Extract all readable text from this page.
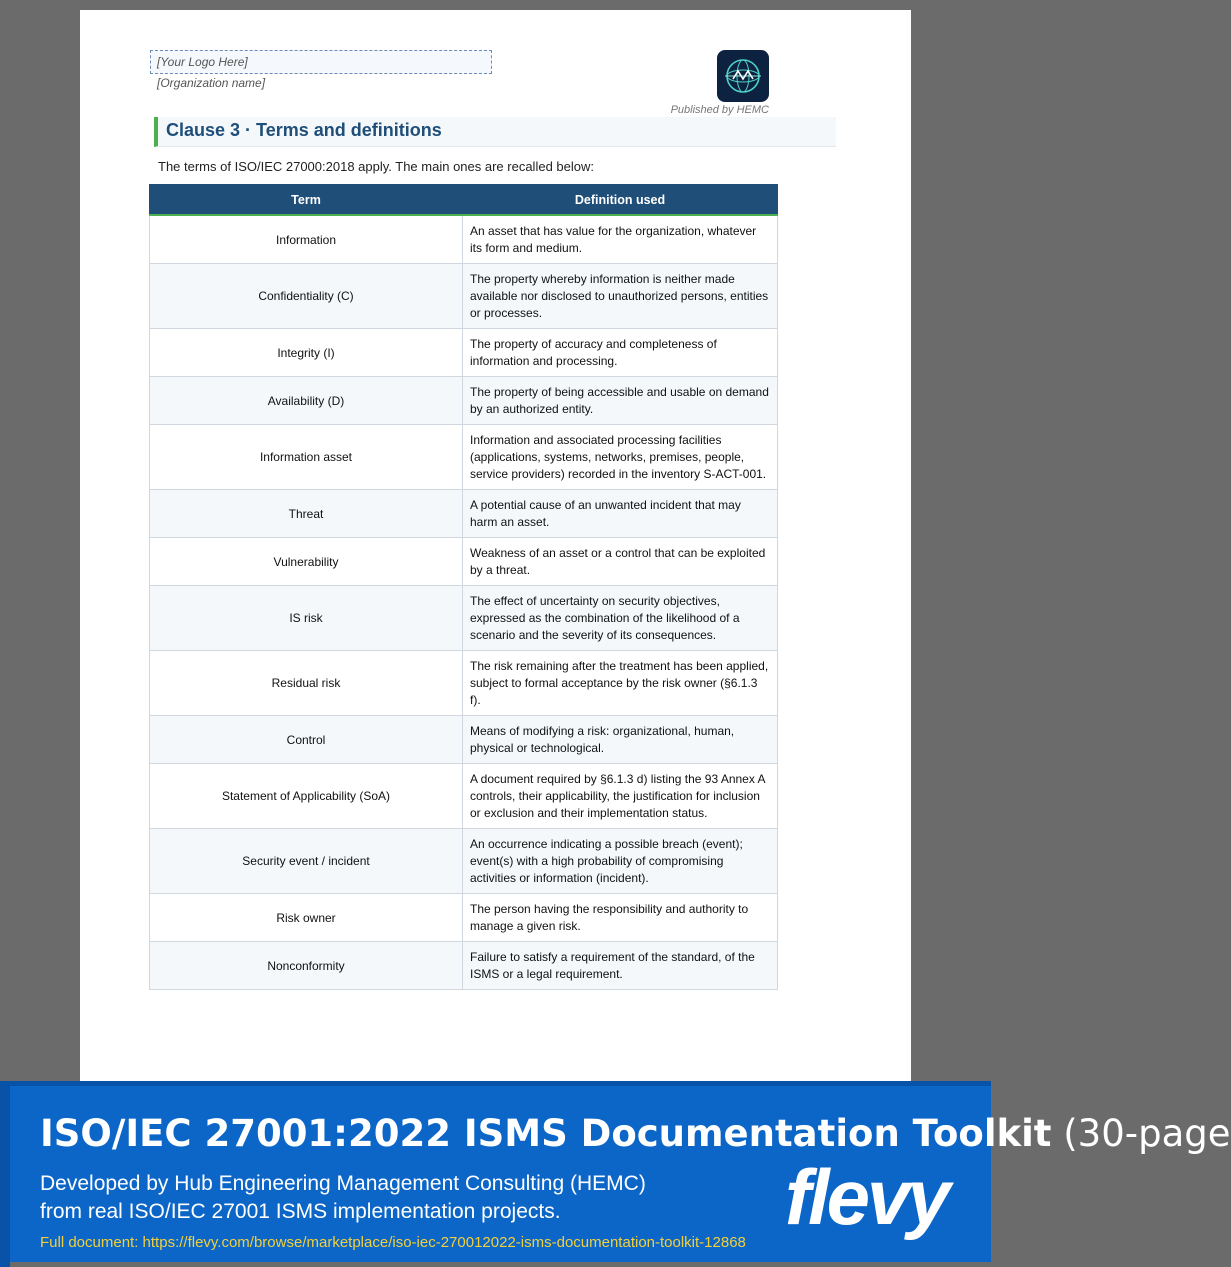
[Your Logo Here]
[Organization name]
Published by HEMC
Clause 3 · Terms and definitions
The terms of ISO/IEC 27000:2018 apply. The main ones are recalled below:
Term	Definition used
Information	An asset that has value for the organization, whatever its form and medium.
Confidentiality (C)	The property whereby information is neither made available nor disclosed to unauthorized persons, entities or processes.
Integrity (I)	The property of accuracy and completeness of information and processing.
Availability (D)	The property of being accessible and usable on demand by an authorized entity.
Information asset	Information and associated processing facilities (applications, systems, networks, premises, people, service providers) recorded in the inventory S-ACT-001.
Threat	A potential cause of an unwanted incident that may harm an asset.
Vulnerability	Weakness of an asset or a control that can be exploited by a threat.
IS risk	The effect of uncertainty on security objectives, expressed as the combination of the likelihood of a scenario and the severity of its consequences.
Residual risk	The risk remaining after the treatment has been applied, subject to formal acceptance by the risk owner (§6.1.3 f).
Control	Means of modifying a risk: organizational, human, physical or technological.
Statement of Applicability (SoA)	A document required by §6.1.3 d) listing the 93 Annex A controls, their applicability, the justification for inclusion or exclusion and their implementation status.
Security event / incident	An occurrence indicating a possible breach (event); event(s) with a high probability of compromising activities or information (incident).
Risk owner	The person having the responsibility and authority to manage a given risk.
Nonconformity	Failure to satisfy a requirement of the standard, of the ISMS or a legal requirement.
ISO/IEC 27001:2022 ISMS Documentation Toolkit (30-page
Developed by Hub Engineering Management Consulting (HEMC) from real ISO/IEC 27001 ISMS implementation projects.
Full document: https://flevy.com/browse/marketplace/iso-iec-270012022-isms-documentation-toolkit-12868
flevy
